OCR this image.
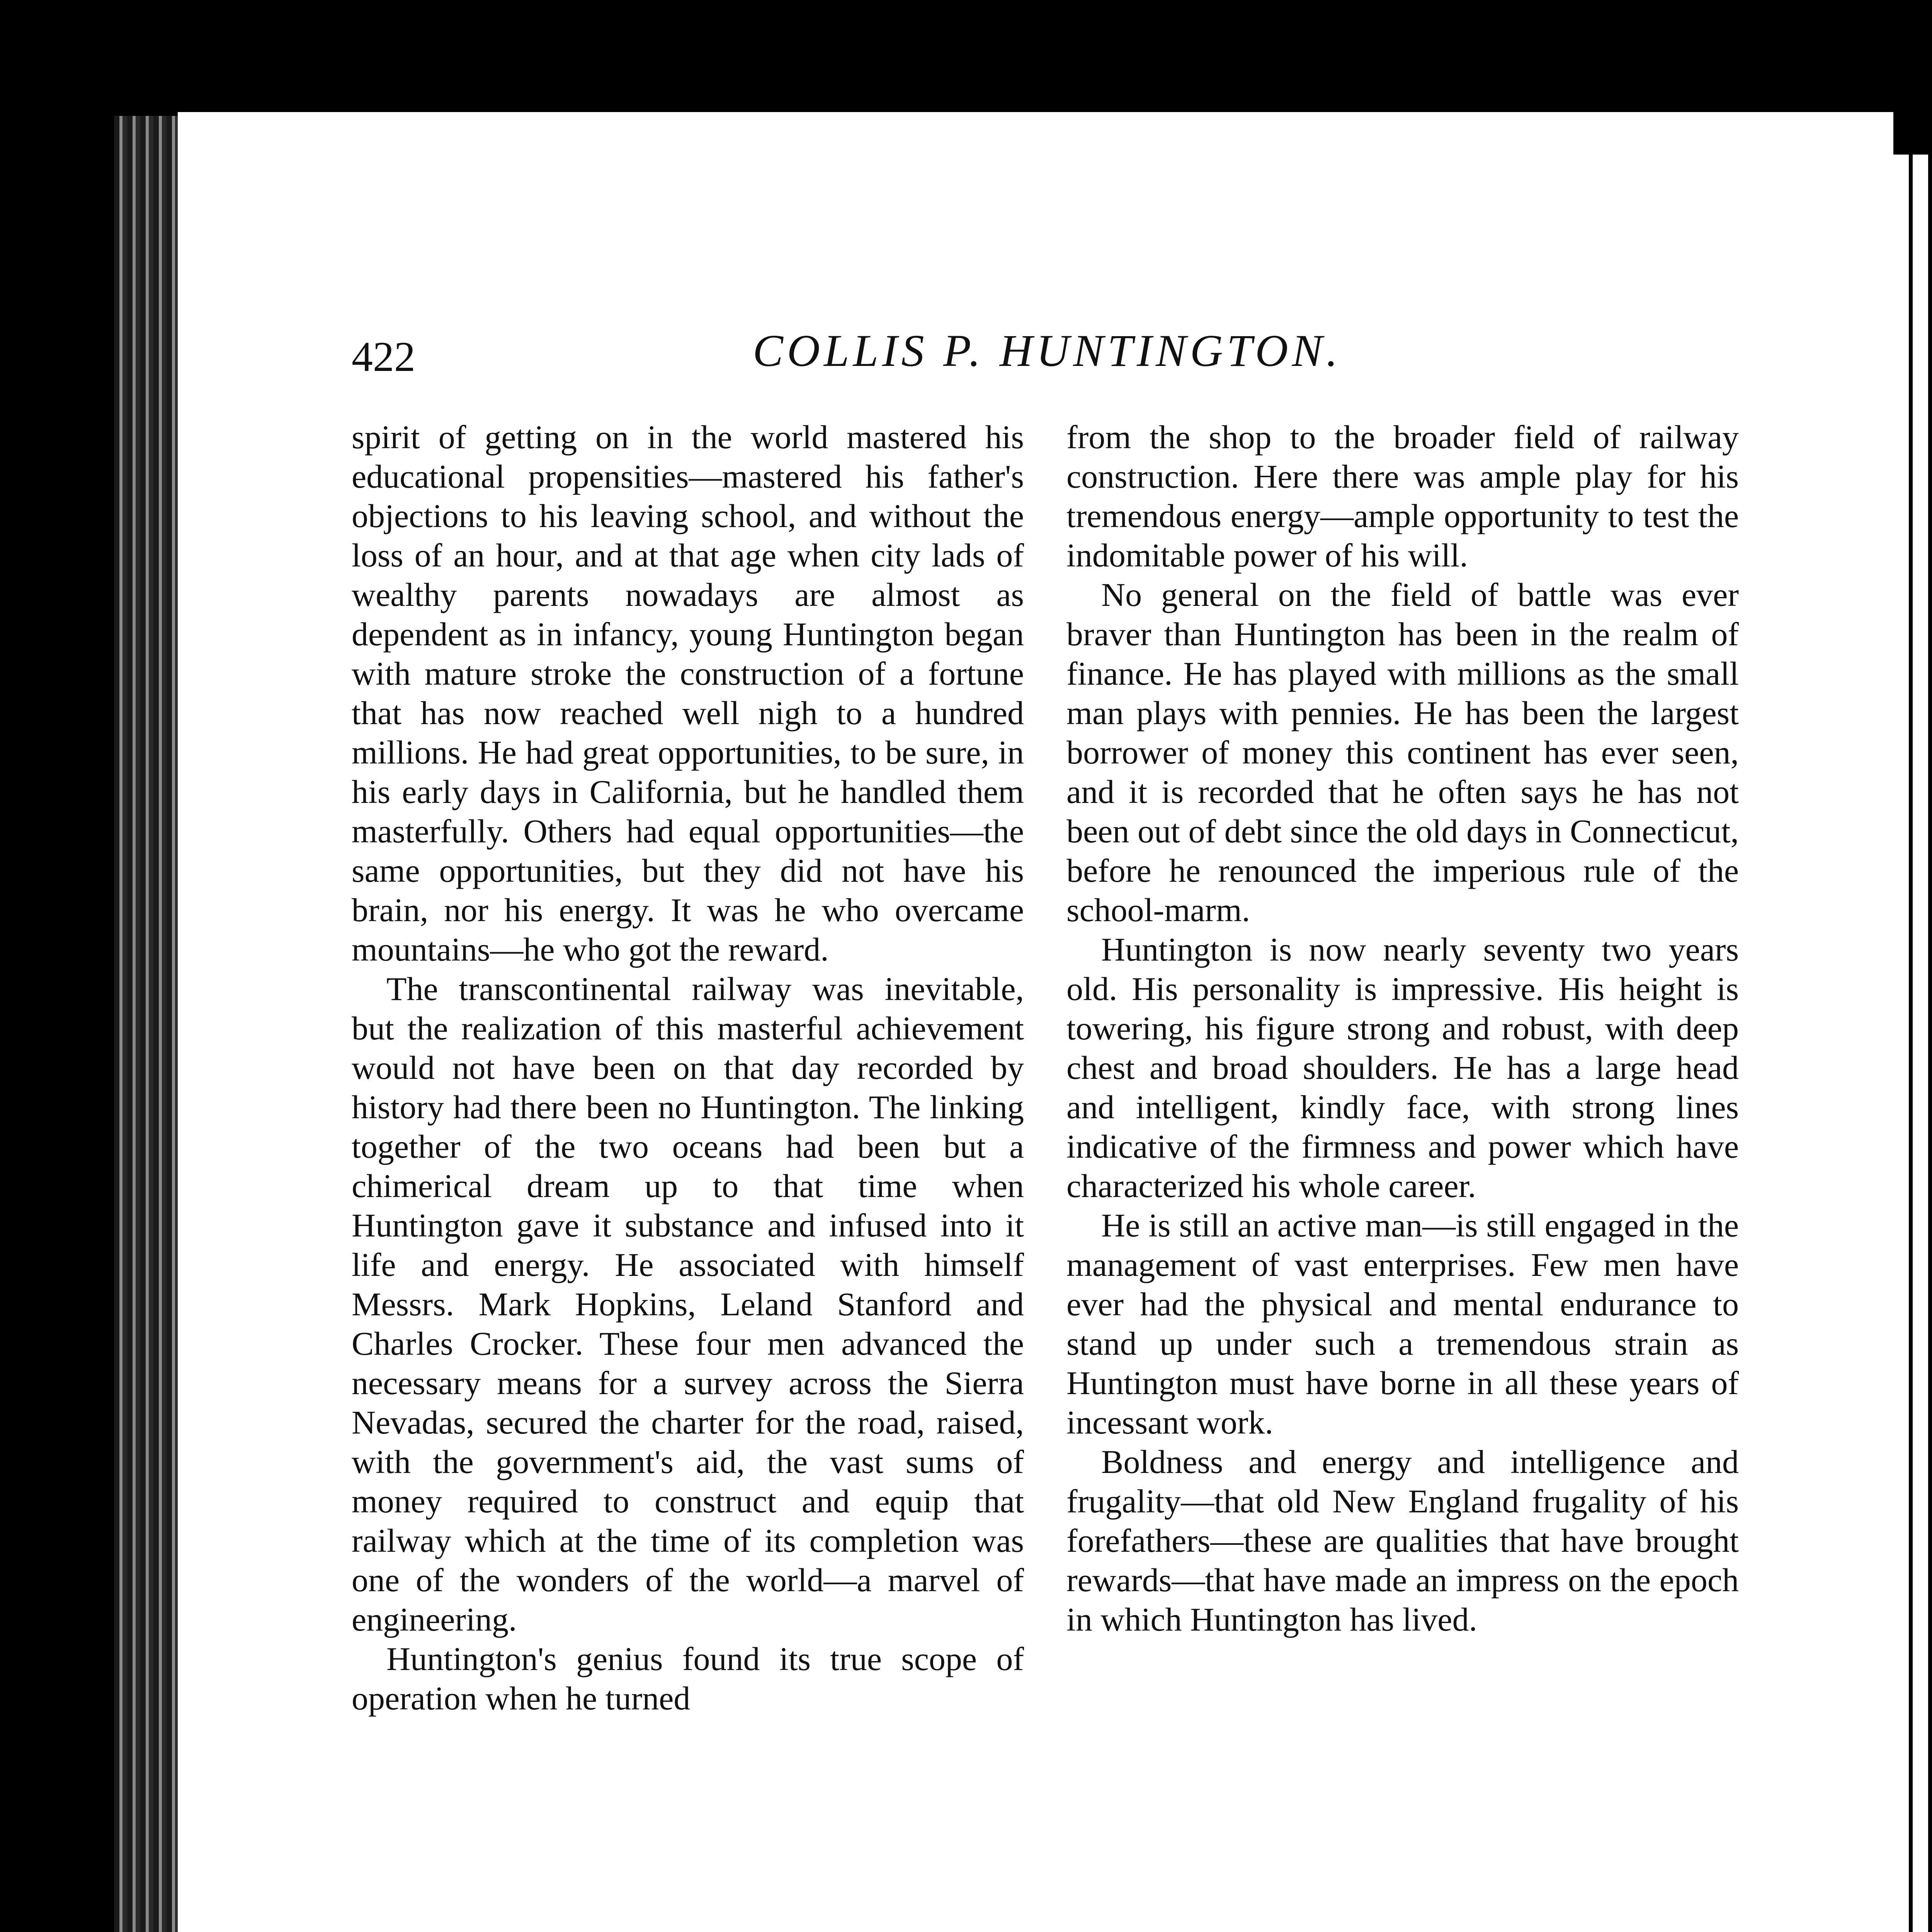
422	COLLIS P. HUNTINGTON.

spirit of getting on in the world mastered his educational propensities—mastered his father's objections to his leaving school, and without the loss of an hour, and at that age when city lads of wealthy parents nowadays are almost as dependent as in infancy, young Huntington began with mature stroke the construction of a fortune that has now reached well nigh to a hundred millions. He had great opportunities, to be sure, in his early days in California, but he handled them masterfully. Others had equal opportunities—the same opportunities, but they did not have his brain, nor his energy. It was he who overcame mountains—he who got the reward.

The transcontinental railway was inevitable, but the realization of this masterful achievement would not have been on that day recorded by history had there been no Huntington. The linking together of the two oceans had been but a chimerical dream up to that time when Huntington gave it substance and infused into it life and energy. He associated with himself Messrs. Mark Hopkins, Leland Stanford and Charles Crocker. These four men advanced the necessary means for a survey across the Sierra Nevadas, secured the charter for the road, raised, with the government's aid, the vast sums of money required to construct and equip that railway which at the time of its completion was one of the wonders of the world—a marvel of engineering.

Huntington's genius found its true scope of operation when he turned

from the shop to the broader field of railway construction. Here there was ample play for his tremendous energy—ample opportunity to test the indomitable power of his will.

No general on the field of battle was ever braver than Huntington has been in the realm of finance. He has played with millions as the small man plays with pennies. He has been the largest borrower of money this continent has ever seen, and it is recorded that he often says he has not been out of debt since the old days in Connecticut, before he renounced the imperious rule of the school-marm.

Huntington is now nearly seventy two years old. His personality is impressive. His height is towering, his figure strong and robust, with deep chest and broad shoulders. He has a large head and intelligent, kindly face, with strong lines indicative of the firmness and power which have characterized his whole career.

He is still an active man—is still engaged in the management of vast enterprises. Few men have ever had the physical and mental endurance to stand up under such a tremendous strain as Huntington must have borne in all these years of incessant work.

Boldness and energy and intelligence and frugality—that old New England frugality of his forefathers—these are qualities that have brought rewards—that have made an impress on the epoch in which Huntington has lived.
